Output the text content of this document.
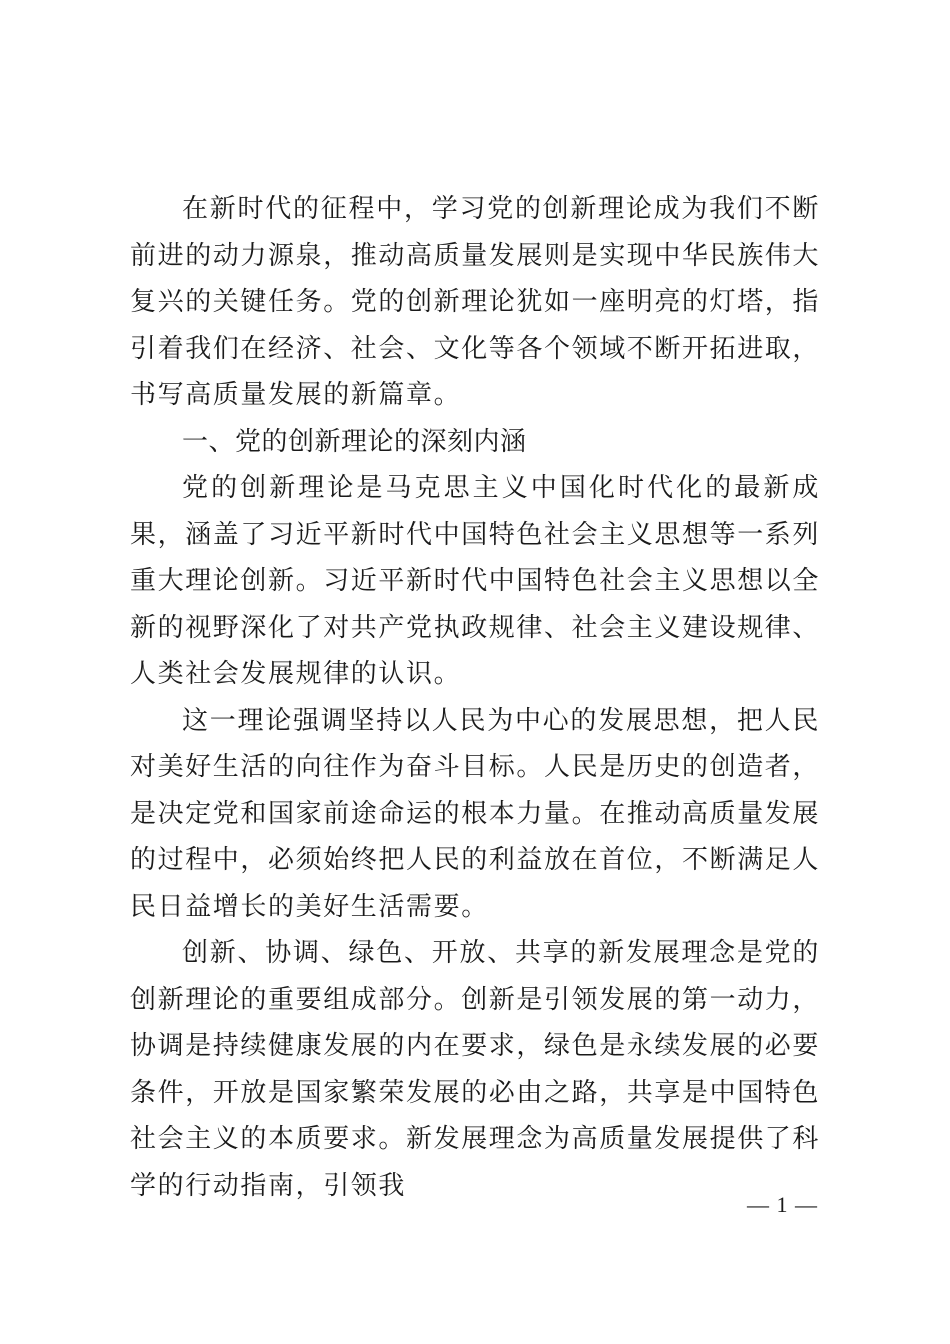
在新时代的征程中，学习党的创新理论成为我们不断前进的动力源泉，推动高质量发展则是实现中华民族伟大复兴的关键任务。党的创新理论犹如一座明亮的灯塔，指引着我们在经济、社会、文化等各个领域不断开拓进取，书写高质量发展的新篇章。

一、党的创新理论的深刻内涵

党的创新理论是马克思主义中国化时代化的最新成果，涵盖了习近平新时代中国特色社会主义思想等一系列重大理论创新。习近平新时代中国特色社会主义思想以全新的视野深化了对共产党执政规律、社会主义建设规律、人类社会发展规律的认识。

这一理论强调坚持以人民为中心的发展思想，把人民对美好生活的向往作为奋斗目标。人民是历史的创造者，是决定党和国家前途命运的根本力量。在推动高质量发展的过程中，必须始终把人民的利益放在首位，不断满足人民日益增长的美好生活需要。

创新、协调、绿色、开放、共享的新发展理念是党的创新理论的重要组成部分。创新是引领发展的第一动力，协调是持续健康发展的内在要求，绿色是永续发展的必要条件，开放是国家繁荣发展的必由之路，共享是中国特色社会主义的本质要求。新发展理念为高质量发展提供了科学的行动指南，引领我

— 1 —
